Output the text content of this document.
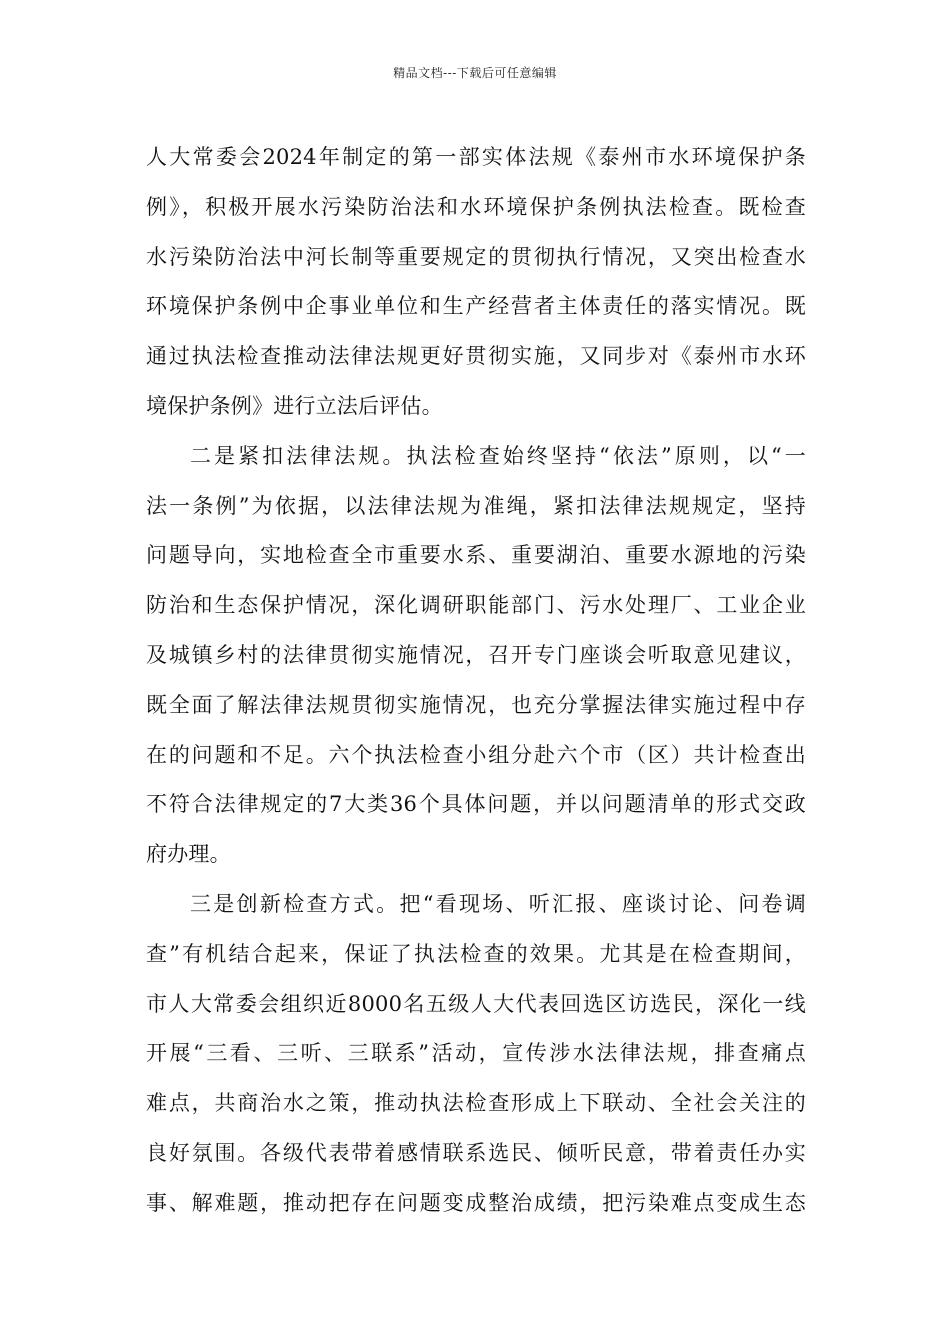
精品文档---下载后可任意编辑
人大常委会2024年制定的第一部实体法规《泰州市水环境保护条
例》，积极开展水污染防治法和水环境保护条例执法检查。既检查
水污染防治法中河长制等重要规定的贯彻执行情况，又突出检查水
环境保护条例中企事业单位和生产经营者主体责任的落实情况。既
通过执法检查推动法律法规更好贯彻实施，又同步对《泰州市水环
境保护条例》进行立法后评估。
二是紧扣法律法规。执法检查始终坚持“依法”原则，以“一
法一条例”为依据，以法律法规为准绳，紧扣法律法规规定，坚持
问题导向，实地检查全市重要水系、重要湖泊、重要水源地的污染
防治和生态保护情况，深化调研职能部门、污水处理厂、工业企业
及城镇乡村的法律贯彻实施情况，召开专门座谈会听取意见建议，
既全面了解法律法规贯彻实施情况，也充分掌握法律实施过程中存
在的问题和不足。六个执法检查小组分赴六个市（区）共计检查出
不符合法律规定的7大类36个具体问题，并以问题清单的形式交政
府办理。
三是创新检查方式。把“看现场、听汇报、座谈讨论、问卷调
查”有机结合起来，保证了执法检查的效果。尤其是在检查期间，
市人大常委会组织近8000名五级人大代表回选区访选民，深化一线
开展“三看、三听、三联系”活动，宣传涉水法律法规，排查痛点
难点，共商治水之策，推动执法检查形成上下联动、全社会关注的
良好氛围。各级代表带着感情联系选民、倾听民意，带着责任办实
事、解难题，推动把存在问题变成整治成绩，把污染难点变成生态
